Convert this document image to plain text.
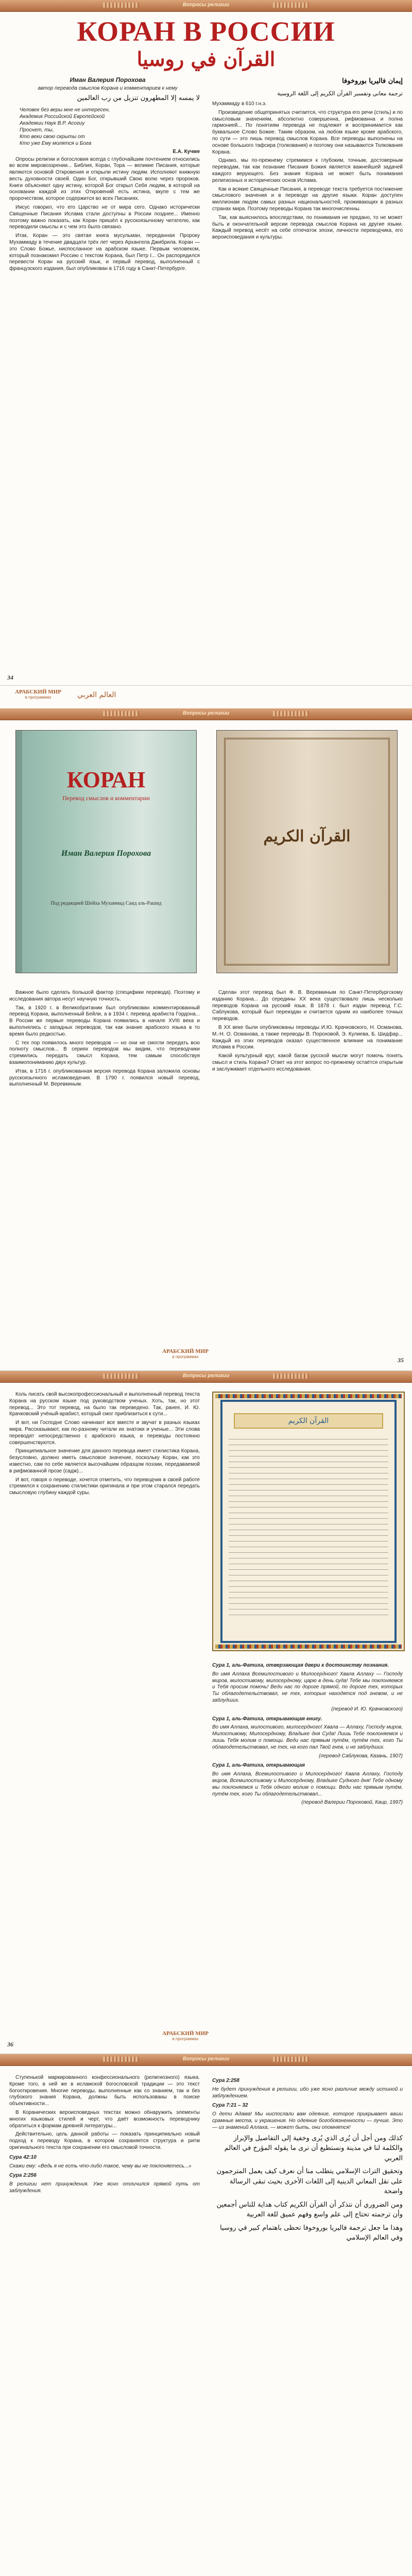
Вопросы религии
КОРАН В РОССИИ
القرآن في روسيا

Иман Валерия Порохова

автор перевода смыслов Корана и комментариев к нему

لا يمسه إلا المطهرون تنزيل من رب العالمين

Человек без веры мне не интересен,
Академик Российской Европейской
Академии Наук В.Р. Асогиу
Проснет, ты,
Кто веки свою скрыты от
Кто уже Ему молятся и Бога

Е.А. Кучме

Опросы религии и богословия всегда с глубочайшим почтением относились во всем мировоззрении... Библия, Коран, Тора — великие Писания, которые являются основой Откровения и открыли истину людям. Исполняют книжную весть духовности своей. Один Бог, открывший Свою волю через пророков. Книги объясняют одну истину, которой Бог открыл Себя людям, в которой на основании каждой из этих Откровений есть истина, вкупе с тем же пророчеством, которое содержится во всех Писаниях.

Иисус говорил, что его Царство не от мира сего. Однако исторически Священные Писания Ислама стали доступны в России позднее... Именно поэтому важно показать, как Коран пришёл к русскоязычному читателю, как переводили смыслы и с чем это было связано.

Итак, Коран — это святая книга мусульман, переданная Пророку Мухаммаду в течение двадцати трёх лет через Архангела Джибрила. Коран — это Слово Божье, ниспосланное на арабском языке. Первым человеком, который познакомил Россию с текстом Корана, был Петр I... Он распорядился перевести Коран на русский язык, и первый перевод, выполненный с французского издания, был опубликован в 1716 году в Санкт-Петербурге.

إيمان فاليريا بوروخوفا

ترجمة معاني وتفسير القرآن الكريم إلى اللغة الروسية

Мухаммаду в 610 г.н.э.

Произведение общепринятых считается, что структура его речи (стиль) и по смысловым значениям, абсолютно совершенна, рифмованна и полна гармонией... По понятиям перевода не подлежит и воспринимается как буквальное Слово Божие. Таким образом, на любом языке кроме арабского, по сути — это лишь перевод смыслов Корана. Все переводы выполнены на основе большого тафсира (толкования) и поэтому они называются Толкования Корана.

Однако, мы по-прежнему стремимся к глубоким, точным, достоверным переводам, так как познание Писания Божия является важнейшей задачей каждого верующего. Без знания Корана не может быть понимания религиозных и исторических основ Ислама.

Как и всякие Священные Писания, в переводе текста требуется постижение смыслового значения и в переводе на другие языки. Коран доступен миллионам людям самых разных национальностей, проживающих в разных странах мира. Поэтому переводы Корана так многочисленны.

Так, как выяснилось впоследствии, по понимания не предано, то не может быть и окончательной версии перевода смыслов Корана на другие языки. Каждый перевод несёт на себе отпечаток эпохи, личности переводчика, его вероисповедания и культуры.

34
АРАБСКИЙ МИР
в программах	العالم العربي
Вопросы религии
КОРАН
Перевод смыслов и комментарии
Иман Валерия Порохова
Под редакцией Шейха Мухаммад Саид аль-Рашид
القرآن الكريم

Важное было сделать большой фактор (специфики перевода). Поэтому и исследования автора несут научную точность.

Так, в 1920 г. в Великобритании был опубликован комментированный перевод Корана, выполненный Бейли, а в 1934 г. перевод арабиста Гордона... В России же первые переводы Корана появились в начале XVIII века и выполнялись с западных переводов, так как знание арабского языка в то время было редкостью.

С тех пор появилось много переводов — но они не смогли передать всю полноту смыслов... В сериях переводов мы видим, что переводчики стремились передать смысл Корана, тем самым способствуя взаимопониманию двух культур.

Итак, в 1716 г. опубликованная версия перевода Корана заложила основы русскоязычного исламоведения. В 1790 г. появился новый перевод, выполненный М. Веревкиным.

Сделан этот перевод был Ф. В. Веревкиным по Санкт-Петербургскому изданию Корана... До середины XX века существовало лишь несколько переводов Корана на русский язык. В 1878 г. был издан перевод Г.С. Саблукова, который был переиздан и считается одним из наиболее точных переводов.

В XX веке были опубликованы переводы И.Ю. Крачковского, Н. Османова, М.-Н. О. Османова, а также переводы В. Пороховой, Э. Кулиева, Б. Шидфар... Каждый из этих переводов оказал существенное влияние на понимание Ислама в России.

Какой культурный круг, какой багаж русской мысли могут помочь понять смысл и стиль Корана? Ответ на этот вопрос по-прежнему остаётся открытым и заслуживает отдельного исследования.

АРАБСКИЙ МИР
в программах	35
Вопросы религии

Коль писать свой высокопрофессиональный и выполненный перевод текста Корана на русском языке под руководством ученых. Хоть, так, но этот перевод... Это тот перевод, на было так переведено. Так, ранее, И. Ю. Крачковский учёный-арабист, который смог приблизиться к сути...

И вот, ни Господне Слово начинают все вместе и звучат в разных языках мира. Рассказывают, как по-разному читали их знатоки и ученые... Эти слова переводят непосредственно с арабского языка, и переводы постоянно совершенствуются.

Принципиальное значение для данного перевода имеет стилистика Корана, безусловно, должно иметь смысловое значение, поскольку Коран, как это известно, сам по себе является высочайшим образцом поэзии, передаваемой в рифмованной прозе (садж)...

И вот, говоря о переводе, хочется отметить, что переводчик в своей работе стремился к сохранению стилистики оригинала и при этом старался передать смысловую глубину каждой суры.

القرآن الكريم

Сура 1, аль-Фатиха, отверзающая двери к достоинству познания.

Во имя Аллаха Всемилостивого и Милосердного! Хвала Аллаху — Господу миров, милостивому, милосердному, царю в день суда! Тебе мы поклоняемся и Тебя просим помочь! Веди нас по дороге прямой, по дороге тех, которых Ты облагодетельствовал, не тех, которые находятся под гневом, и не заблудших.

(перевод И. Ю. Крачковского)

Сура 1, аль-Фатиха, открывающая книгу.

Во имя Аллаха, милостивого, милосердного! Хвала — Аллаху, Господу миров, Милостивому, Милосердному, Владыке дня Суда! Лишь Тебе поклоняемся и лишь Тебя молим о помощи. Веди нас прямым путём, путём тех, кого Ты облагодетельствовал, не тех, на кого пал Твой гнев, и не заблудших.

(перевод Саблукова, Казань, 1907)

Сура 1, аль-Фатиха, открывающая

Во имя Аллаха, Всемилостивого и Милосердного! Хвала Аллаху, Господу миров, Всемилостивому и Милосердному, Владыке Судного дня! Тебе одному мы поклоняемся и Тебя одного молим о помощи. Веди нас прямым путём, путём тех, кого Ты облагодетельствовал...

(перевод Валерии Пороховой, Каир, 1997)

АРАБСКИЙ МИР
в программах
36
Вопросы религии

Ступенькой маркированного конфессионального (религиозного) языка. Кроме того, в ней же в исламской богословской традиции — это текст богооткровения. Многие переводы, выполненные как со знанием, так и без глубокого знания Корана, должны быть использованы в поиске объективности...

В Коранических вероисповедных текстах можно обнаружить элементы многих языковых стилей и черт, что даёт возможность переводчику обратиться к формам древней литературы...

Действительно, цель данной работы — показать принципиально новый подход к переводу Корана, в котором сохраняется структура и ритм оригинального текста при сохранении его смысловой точности.

Сура 42:10

Скажи ему: «Ведь я не есть что-либо такое, чему вы не поклоняетесь...»

Сура 2:256

В религии нет принуждения. Уже ясно отличился прямой путь от заблуждения.

Сура 2:258

Не будет принуждения в религии, ибо уже ясно различие между истиной и заблуждением.

Сура 7:21 – 32

О дети Адама! Мы ниспослали вам одеяние, которое прикрывает ваши срамные места, и украшения. Но одеяние богобоязненности — лучше. Это — из знамений Аллаха, — может быть, они опомнятся!

كذلك ومن أجل أن يُرى الذي يُرى وخفية إلى التفاصيل والإبراز والكلمة لنا في مدينة ونستطيع أن نرى ما يقوله المؤرخ في العالم العربي

وتحقيق التراث الإسلامي يتطلب منا أن نعرف كيف يعمل المترجمون على نقل المعاني الدينية إلى اللغات الأخرى بحيث تبقى الرسالة واضحة

ومن الضروري أن نتذكر أن القرآن الكريم كتاب هداية للناس أجمعين وأن ترجمته تحتاج إلى علم واسع وفهم عميق للغة العربية

وهذا ما جعل ترجمة فاليريا بوروخوفا تحظى باهتمام كبير في روسيا وفي العالم الإسلامي
